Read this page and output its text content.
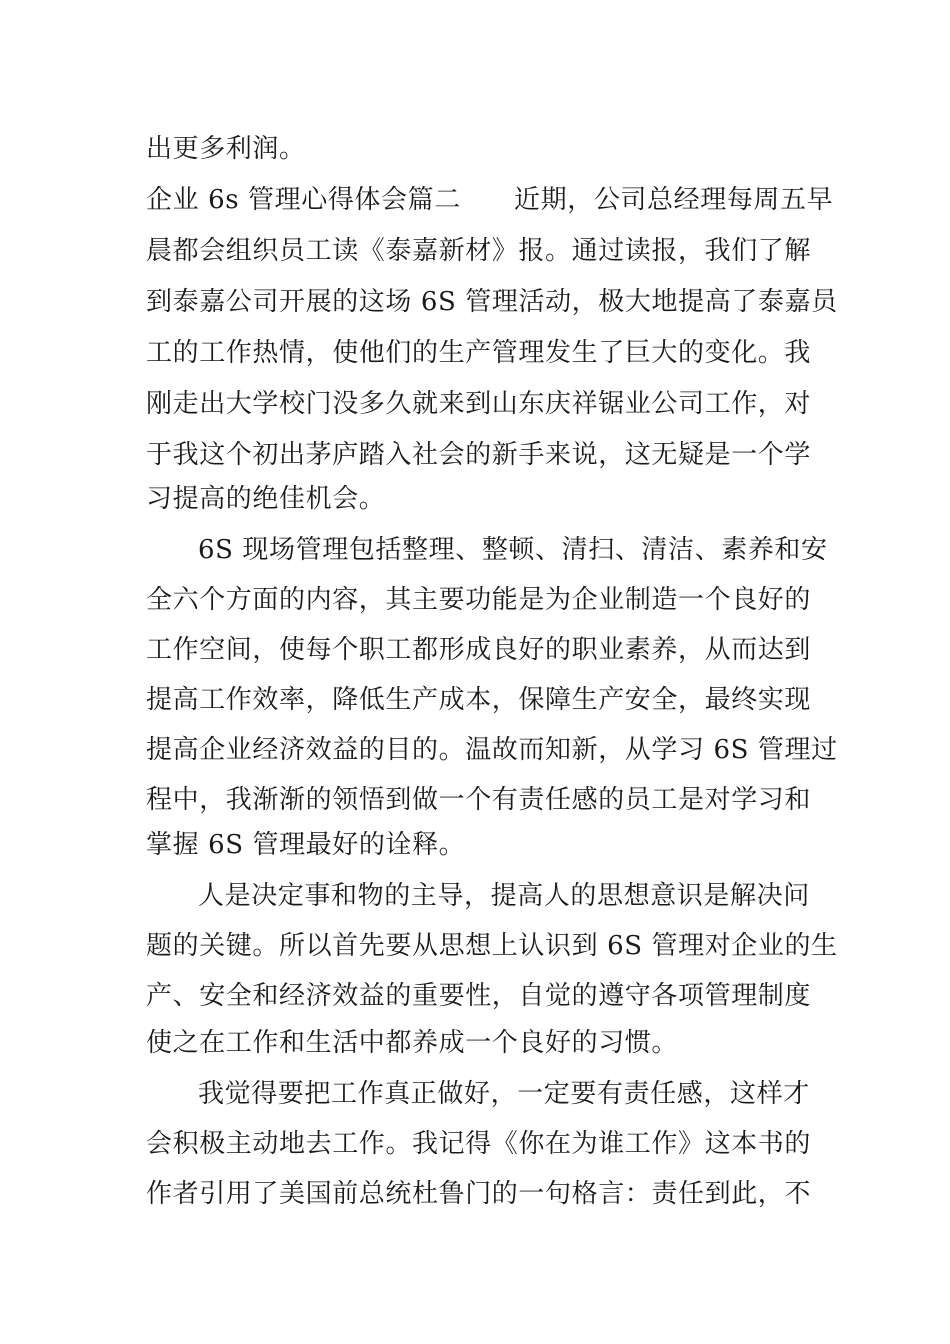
出更多利润。
企业 6s 管理心得体会篇二　　近期，公司总经理每周五早
晨都会组织员工读《泰嘉新材》报。通过读报，我们了解
到泰嘉公司开展的这场 6S 管理活动，极大地提高了泰嘉员
工的工作热情，使他们的生产管理发生了巨大的变化。我
刚走出大学校门没多久就来到山东庆祥锯业公司工作，对
于我这个初出茅庐踏入社会的新手来说，这无疑是一个学
习提高的绝佳机会。
6S 现场管理包括整理、整顿、清扫、清洁、素养和安
全六个方面的内容，其主要功能是为企业制造一个良好的
工作空间，使每个职工都形成良好的职业素养，从而达到
提高工作效率，降低生产成本，保障生产安全，最终实现
提高企业经济效益的目的。温故而知新，从学习 6S 管理过
程中，我渐渐的领悟到做一个有责任感的员工是对学习和
掌握 6S 管理最好的诠释。
人是决定事和物的主导，提高人的思想意识是解决问
题的关键。所以首先要从思想上认识到 6S 管理对企业的生
产、安全和经济效益的重要性，自觉的遵守各项管理制度
使之在工作和生活中都养成一个良好的习惯。
我觉得要把工作真正做好，一定要有责任感，这样才
会积极主动地去工作。我记得《你在为谁工作》这本书的
作者引用了美国前总统杜鲁门的一句格言：责任到此，不
